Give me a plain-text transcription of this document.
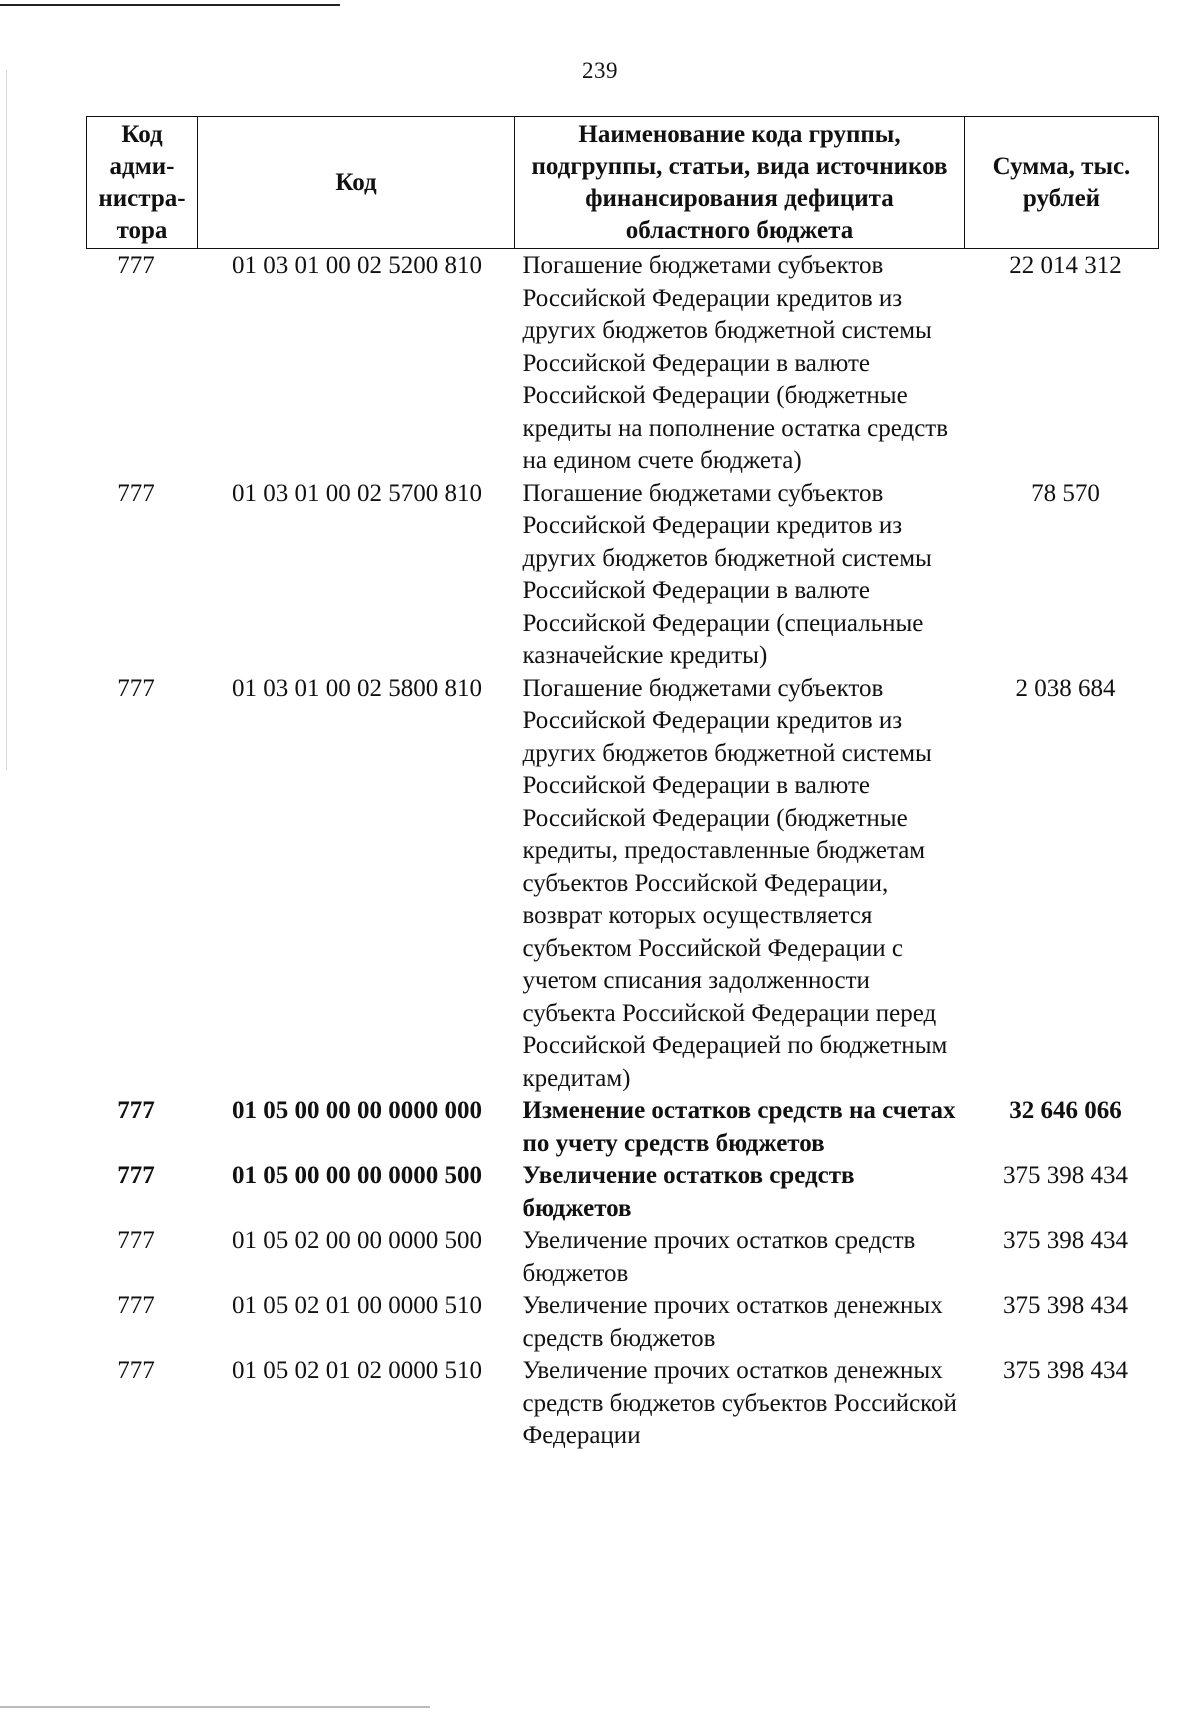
239
Код адми-нистра-тора	Код	Наименование кода группы, подгруппы, статьи, вида источников финансирования дефицита областного бюджета	Сумма, тыс. рублей
777	01 03 01 00 02 5200 810	Погашение бюджетами субъектов Российской Федерации кредитов из других бюджетов бюджетной системы Российской Федерации в валюте Российской Федерации (бюджетные кредиты на пополнение остатка средств на едином счете бюджета)	22 014 312
777	01 03 01 00 02 5700 810	Погашение бюджетами субъектов Российской Федерации кредитов из других бюджетов бюджетной системы Российской Федерации в валюте Российской Федерации (специальные казначейские кредиты)	78 570
777	01 03 01 00 02 5800 810	Погашение бюджетами субъектов Российской Федерации кредитов из других бюджетов бюджетной системы Российской Федерации в валюте Российской Федерации (бюджетные кредиты, предоставленные бюджетам субъектов Российской Федерации, возврат которых осуществляется субъектом Российской Федерации с учетом списания задолженности субъекта Российской Федерации перед Российской Федерацией по бюджетным кредитам)	2 038 684
777	01 05 00 00 00 0000 000	Изменение остатков средств на счетах по учету средств бюджетов	32 646 066
777	01 05 00 00 00 0000 500	Увеличение остатков средств бюджетов	375 398 434
777	01 05 02 00 00 0000 500	Увеличение прочих остатков средств бюджетов	375 398 434
777	01 05 02 01 00 0000 510	Увеличение прочих остатков денежных средств бюджетов	375 398 434
777	01 05 02 01 02 0000 510	Увеличение прочих остатков денежных средств бюджетов субъектов Российской Федерации	375 398 434
